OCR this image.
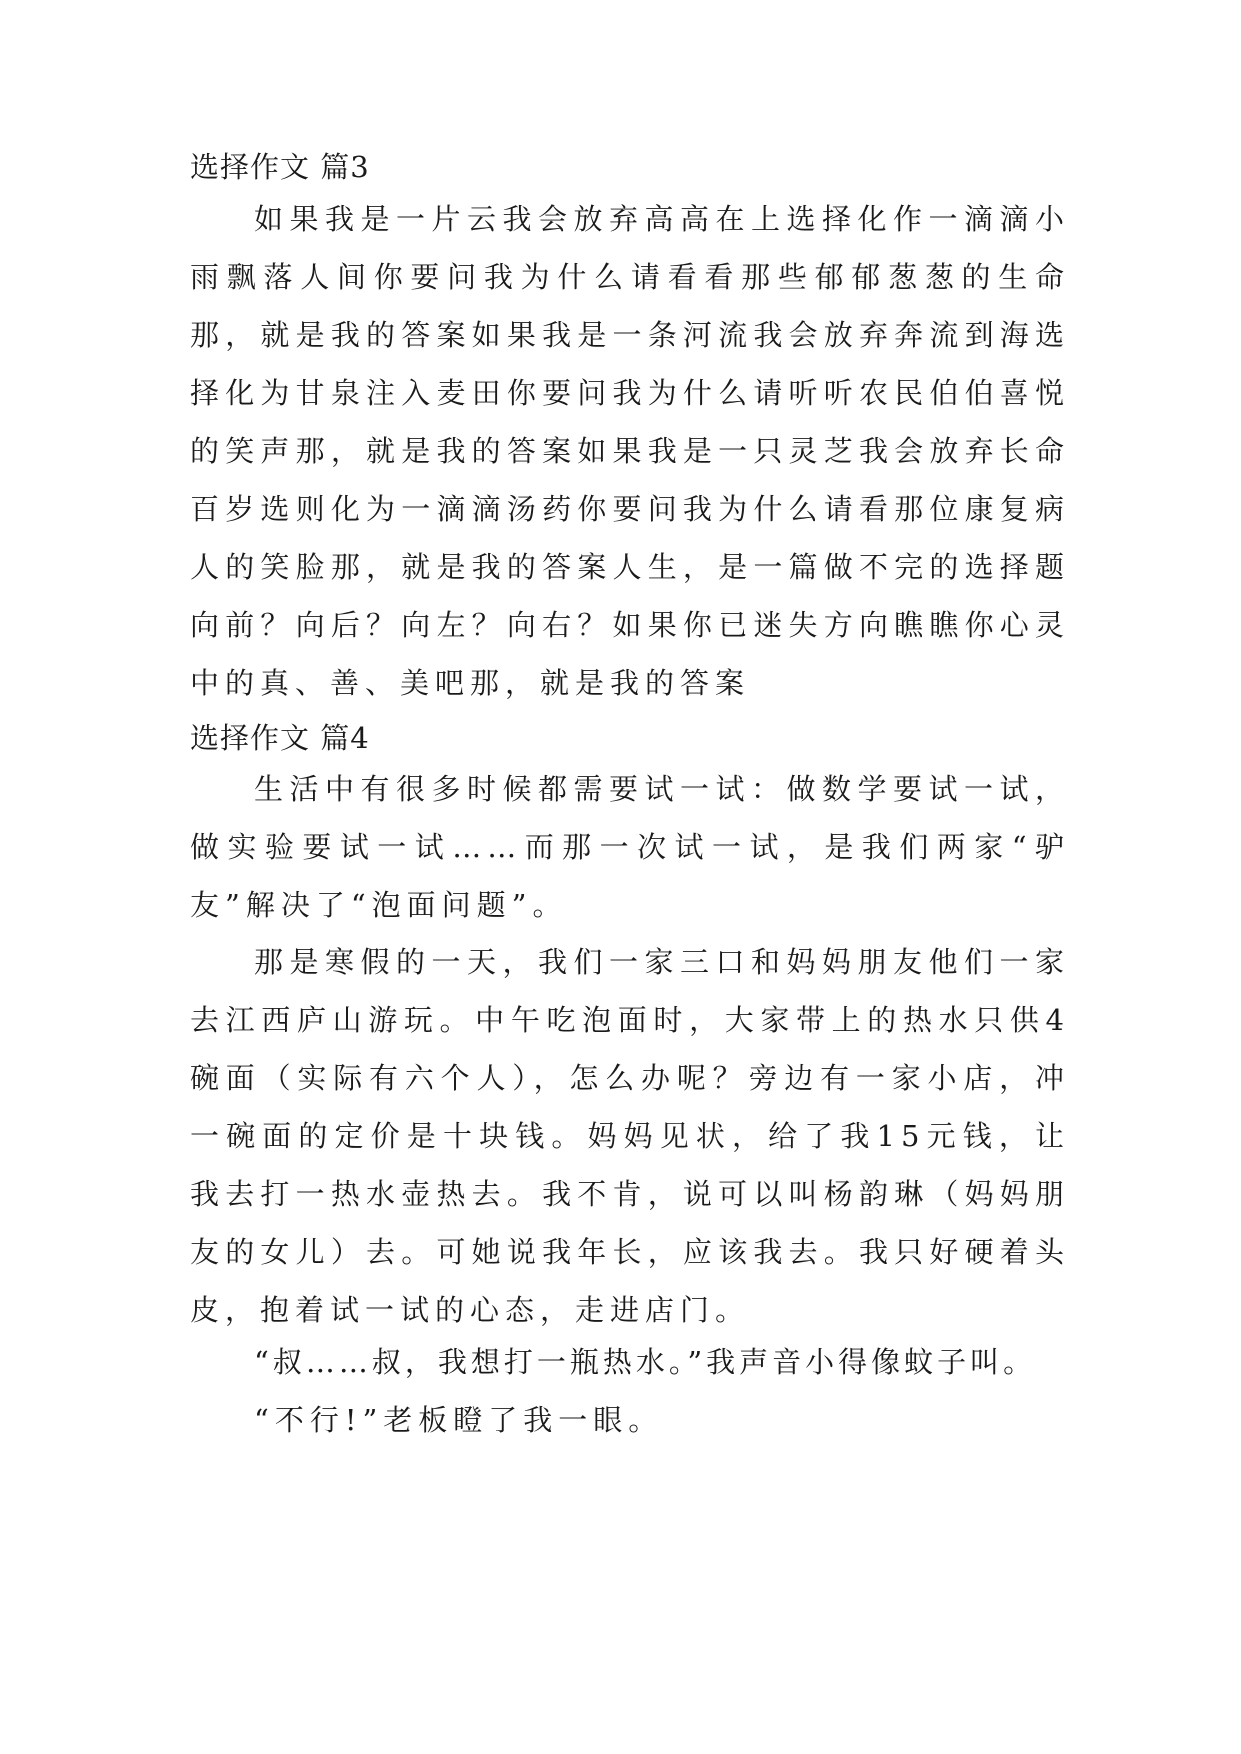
选择作文 篇3

如果我是一片云我会放弃高高在上选择化作一滴滴小雨飘落人间你要问我为什么请看看那些郁郁葱葱的生命那，就是我的答案如果我是一条河流我会放弃奔流到海选择化为甘泉注入麦田你要问我为什么请听听农民伯伯喜悦的笑声那，就是我的答案如果我是一只灵芝我会放弃长命百岁选则化为一滴滴汤药你要问我为什么请看那位康复病人的笑脸那，就是我的答案人生，是一篇做不完的选择题向前？向后？向左？向右？如果你已迷失方向瞧瞧你心灵中的真、善、美吧那，就是我的答案

选择作文 篇4

生活中有很多时候都需要试一试：做数学要试一试，做实验要试一试……而那一次试一试，是我们两家“驴友”解决了“泡面问题”。

那是寒假的一天，我们一家三口和妈妈朋友他们一家去江西庐山游玩。中午吃泡面时，大家带上的热水只供4碗面（实际有六个人），怎么办呢？旁边有一家小店，冲一碗面的定价是十块钱。妈妈见状，给了我15元钱，让我去打一热水壶热去。我不肯，说可以叫杨韵琳（妈妈朋友的女儿）去。可她说我年长，应该我去。我只好硬着头皮，抱着试一试的心态，走进店门。

“叔……叔，我想打一瓶热水。”我声音小得像蚊子叫。

“不行!”老板瞪了我一眼。
